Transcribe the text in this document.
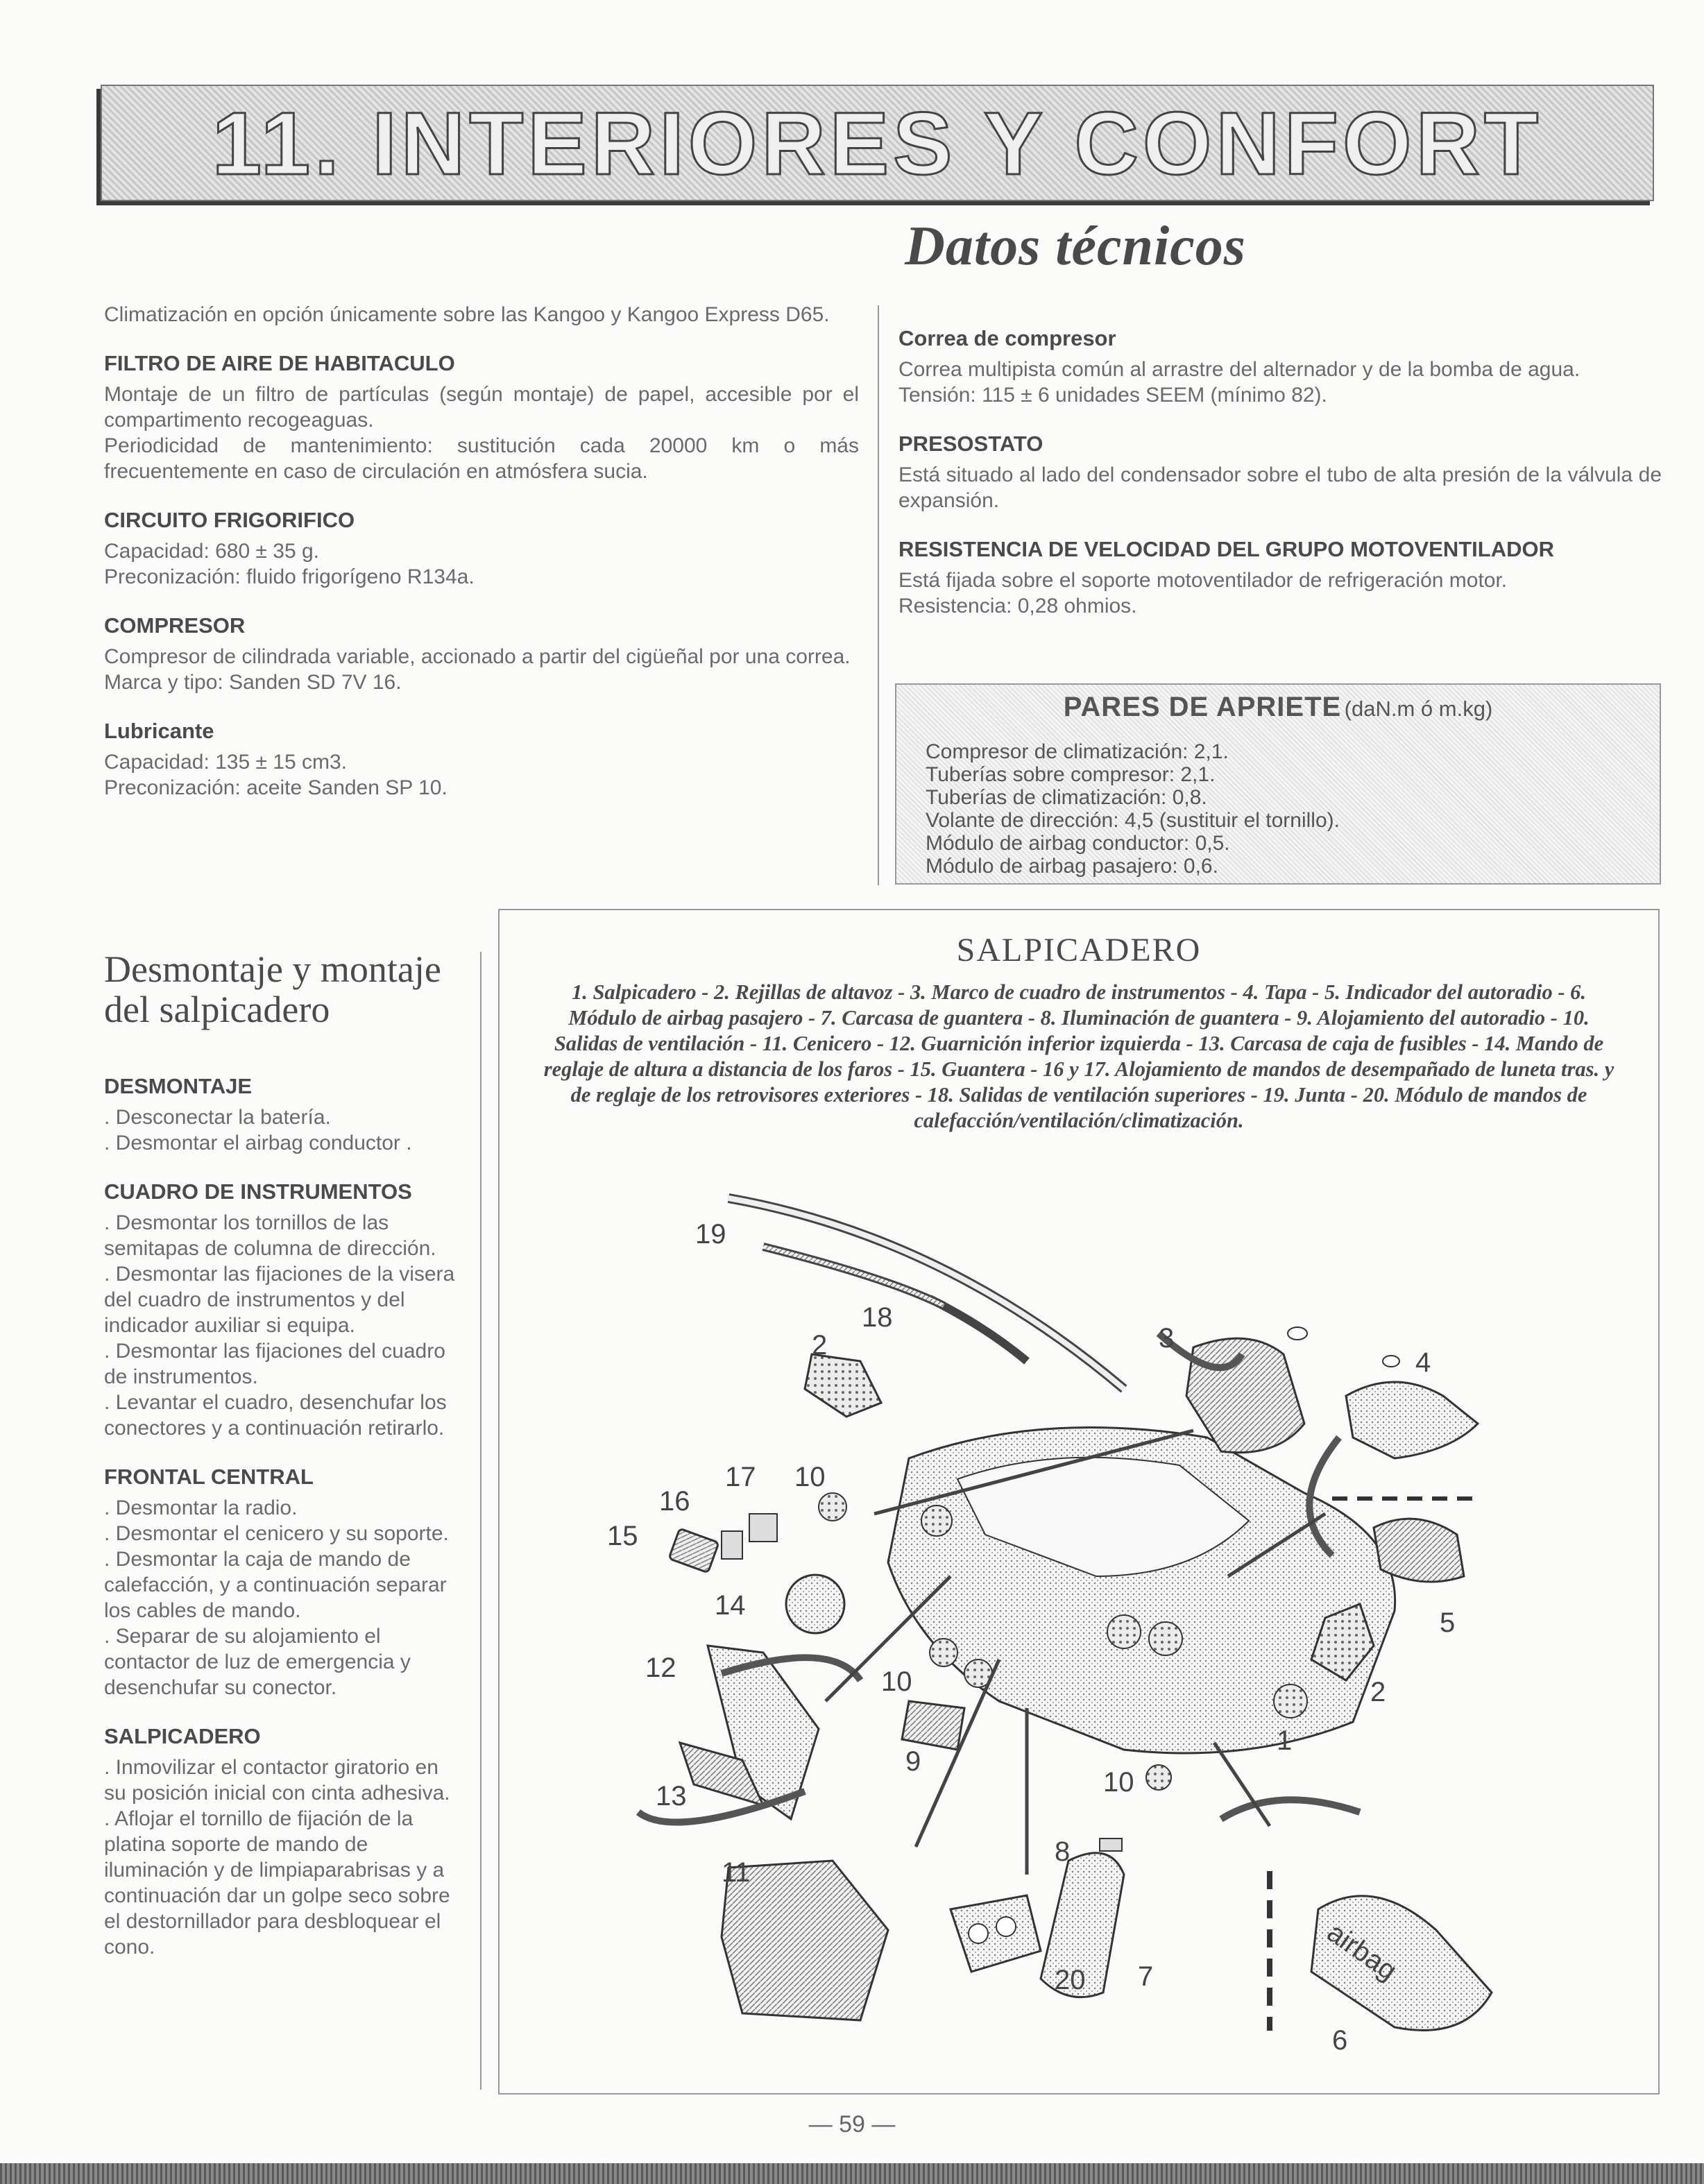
11. INTERIORES Y CONFORT
Datos técnicos

Climatización en opción únicamente sobre las Kangoo y Kangoo Express D65.

FILTRO DE AIRE DE HABITACULO

Montaje de un filtro de partículas (según montaje) de papel, accesible por el compartimento recogeaguas.

Periodicidad de mantenimiento: sustitución cada 20000 km o más frecuentemente en caso de circulación en atmósfera sucia.

CIRCUITO FRIGORIFICO

Capacidad: 680 ± 35 g.

Preconización: fluido frigorígeno R134a.

COMPRESOR

Compresor de cilindrada variable, accionado a partir del cigüeñal por una correa.

Marca y tipo: Sanden SD 7V 16.

Lubricante

Capacidad: 135 ± 15 cm3.

Preconización: aceite Sanden SP 10.

Correa de compresor

Correa multipista común al arrastre del alternador y de la bomba de agua.

Tensión: 115 ± 6 unidades SEEM (mínimo 82).

PRESOSTATO

Está situado al lado del condensador sobre el tubo de alta presión de la válvula de expansión.

RESISTENCIA DE VELOCIDAD DEL GRUPO MOTOVENTILADOR

Está fijada sobre el soporte motoventilador de refrigeración motor.

Resistencia: 0,28 ohmios.

PARES DE APRIETE (daN.m ó m.kg)
Compresor de climatización: 2,1.
Tuberías sobre compresor: 2,1.
Tuberías de climatización: 0,8.
Volante de dirección: 4,5 (sustituir el tornillo).
Módulo de airbag conductor: 0,5.
Módulo de airbag pasajero: 0,6.
Desmontaje y montaje del salpicadero
DESMONTAJE

. Desconectar la batería.

. Desmontar el airbag conductor .

CUADRO DE INSTRUMENTOS

. Desmontar los tornillos de las semitapas de columna de dirección.

. Desmontar las fijaciones de la visera del cuadro de instrumentos y del indicador auxiliar si equipa.

. Desmontar las fijaciones del cuadro de instrumentos.

. Levantar el cuadro, desenchufar los conectores y a continuación retirarlo.

FRONTAL CENTRAL

. Desmontar la radio.

. Desmontar el cenicero y su soporte.

. Desmontar la caja de mando de calefacción, y a continuación separar los cables de mando.

. Separar de su alojamiento el contactor de luz de emergencia y desenchufar su conector.

SALPICADERO

. Inmovilizar el contactor giratorio en su posición inicial con cinta adhesiva.

. Aflojar el tornillo de fijación de la platina soporte de mando de iluminación y de limpiaparabrisas y a continuación dar un golpe seco sobre el destornillador para desbloquear el cono.

SALPICADERO

1. Salpicadero - 2. Rejillas de altavoz - 3. Marco de cuadro de instrumentos - 4. Tapa - 5. Indicador del autoradio - 6. Módulo de airbag pasajero - 7. Carcasa de guantera - 8. Iluminación de guantera - 9. Alojamiento del autoradio - 10. Salidas de ventilación - 11. Cenicero - 12. Guarnición inferior izquierda - 13. Carcasa de caja de fusibles - 14. Mando de reglaje de altura a distancia de los faros - 15. Guantera - 16 y 17. Alojamiento de mandos de desempañado de luneta tras. y de reglaje de los retrovisores exteriores - 18. Salidas de ventilación superiores - 19. Junta - 20. Módulo de mandos de calefacción/ventilación/climatización.

airbag
19
18
2	3
4
17 10
16
15
14
12	10
9
13	10
1
2
5
8
11
20 7
6
— 59 —
